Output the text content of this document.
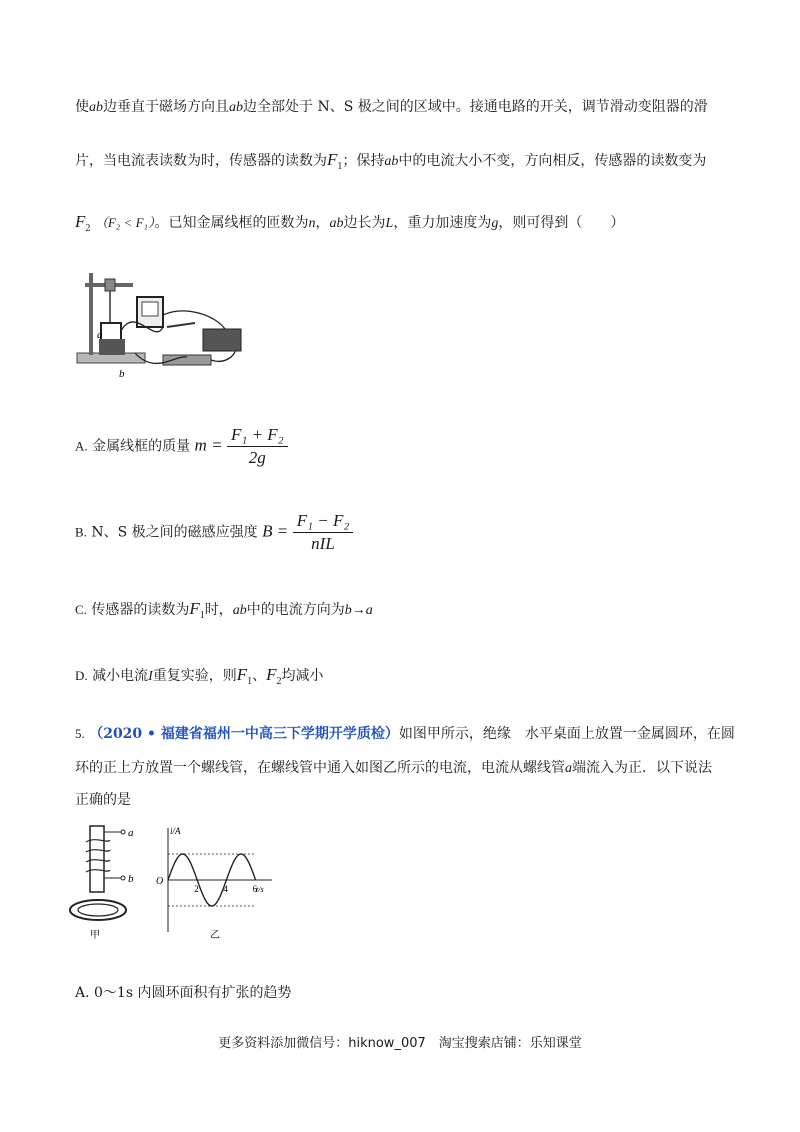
使ab边垂直于磁场方向且ab边全部处于 N、S 极之间的区域中。接通电路的开关，调节滑动变阻器的滑
片，当电流表读数为时，传感器的读数为$F_1$；保持ab中的电流大小不变，方向相反，传感器的读数变为
$F_2$ （F₂ < F₁）。已知金属线框的匝数为n，ab边长为L，重力加速度为g，则可得到（　　）
a
b
A. 金属线框的质量 $m = \frac{\text{F₁ + F₂}}{2g}$
B. N、S 极之间的磁感应强度 $B = \frac{\text{F₁ − F₂}}{\text{nIL}}$
C. 传感器的读数为$F_1$时，ab中的电流方向为b→a
D. 减小电流I重复实验，则$F_1$、$F_2$均减小
5. （2020 • 福建省福州一中高三下学期开学质检）如图甲所示，绝缘　水平桌面上放置一金属圆环，在圆
环的正上方放置一个螺线管，在螺线管中通入如图乙所示的电流，电流从螺线管a端流入为正．以下说法
正确的是
a
b
甲
i/A
t/s
O
2	4	6
乙
A. 0～1s 内圆环面积有扩张的趋势
更多资料添加微信号：hiknow_007　淘宝搜索店铺：乐知课堂
